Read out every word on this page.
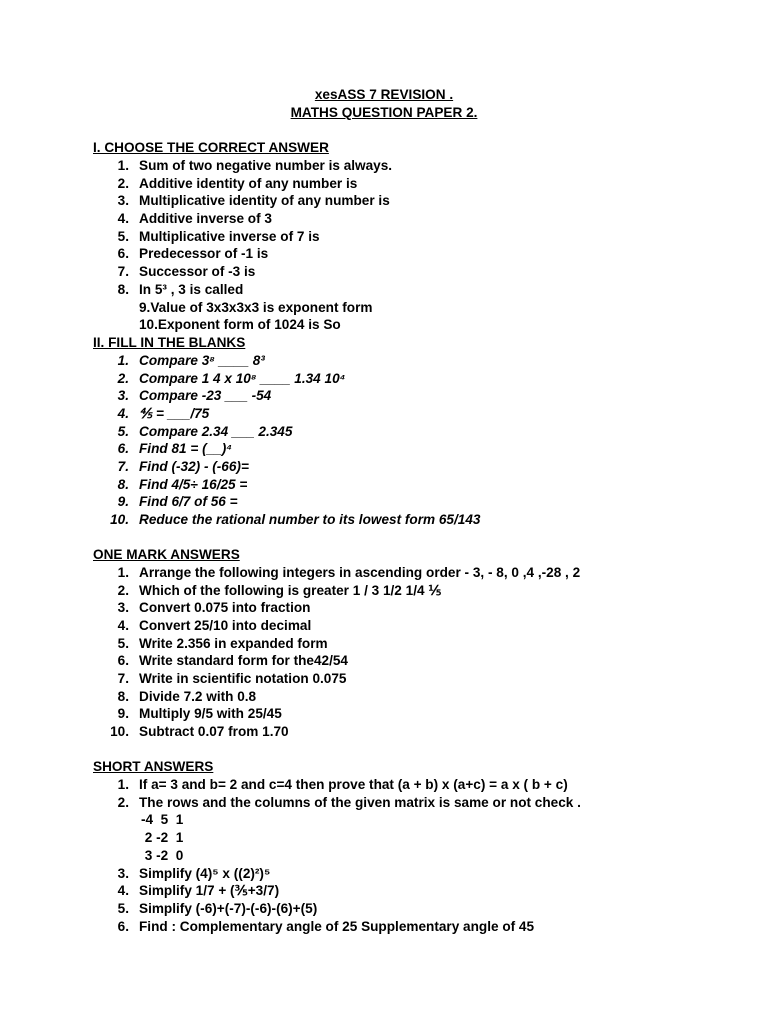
xesASS 7 REVISION .
MATHS QUESTION PAPER 2.
I. CHOOSE THE CORRECT ANSWER
1. Sum of two negative number is always.
2. Additive identity of any number is
3. Multiplicative identity of any number is
4. Additive inverse of 3
5. Multiplicative inverse of 7 is
6. Predecessor of -1 is
7. Successor of -3 is
8. In 5³ , 3 is called
9.Value of 3x3x3x3 is exponent form
10.Exponent form of 1024 is So
II. FILL IN THE BLANKS
1. Compare 3⁸ ____ 8³
2. Compare 1 4 x 10⁸ ____ 1.34 10⁴
3. Compare -23 ___ -54
4. ⅘ = ___/75
5. Compare 2.34 ___ 2.345
6. Find 81 = (__)⁴
7. Find (-32) - (-66)=
8. Find 4/5÷ 16/25 =
9. Find 6/7 of 56 =
10. Reduce the rational number to its lowest form 65/143
ONE MARK ANSWERS
1. Arrange the following integers in ascending order - 3, - 8, 0 ,4 ,-28 , 2
2. Which of the following is greater 1 / 3 1/2 1/4 ⅕
3. Convert 0.075 into fraction
4. Convert 25/10 into decimal
5. Write 2.356 in expanded form
6. Write standard form for the42/54
7. Write in scientific notation 0.075
8. Divide 7.2 with 0.8
9. Multiply 9/5 with 25/45
10. Subtract 0.07 from 1.70
SHORT ANSWERS
1. If a= 3 and b= 2 and c=4 then prove that (a + b) x (a+c) = a x ( b + c)
2. The rows and the columns of the given matrix is same or not check .
-4  5  1
2 -2  1
3 -2  0
3. Simplify (4)⁵ x ((2)²)⁵
4. Simplify 1/7 + (⅗+3/7)
5. Simplify (-6)+(-7)-(-6)-(6)+(5)
6. Find : Complementary angle of 25 Supplementary angle of 45
